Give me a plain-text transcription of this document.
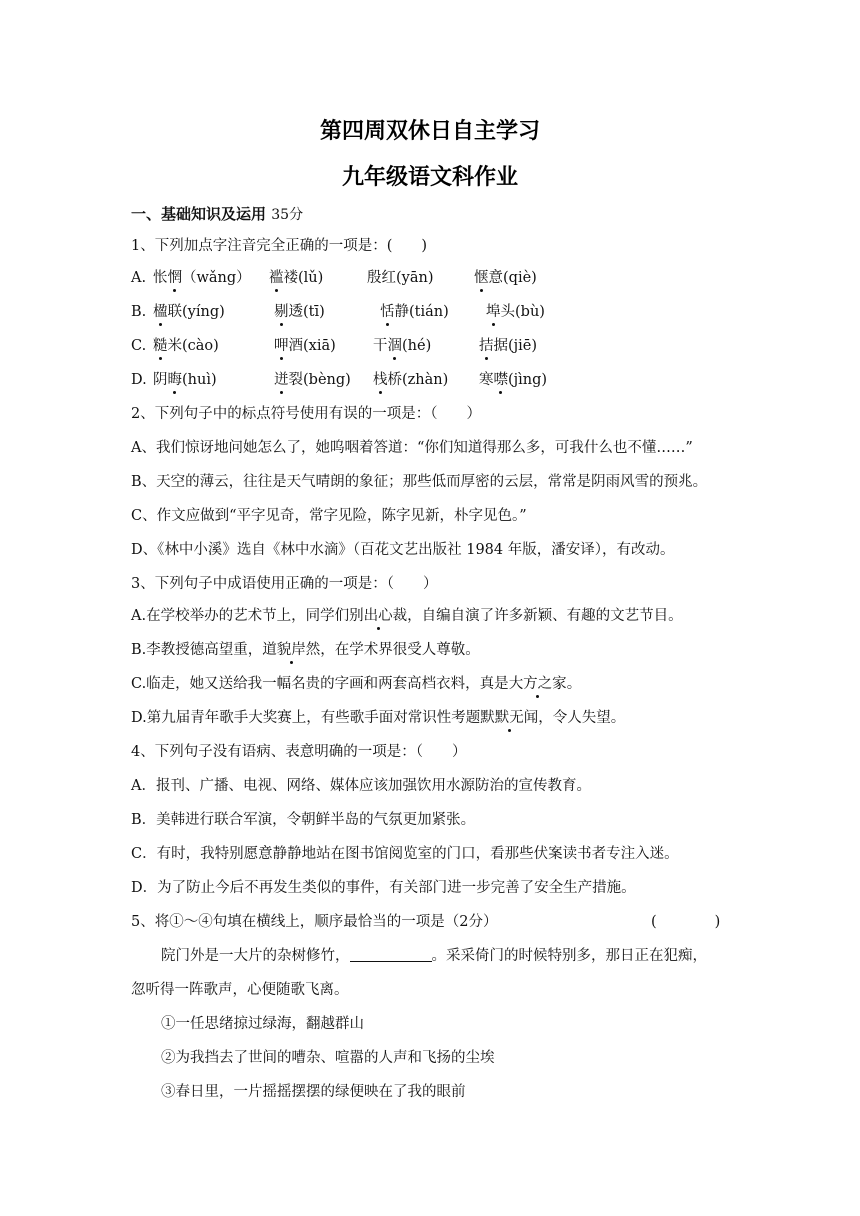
第四周双休日自主学习
九年级语文科作业
一、基础知识及运用 35分
1、下列加点字注音完全正确的一项是：(　　)
A. 怅惘（wǎng） 褴褛(lǔ)	殷红(yān)	惬意(qiè)
B. 楹联(yíng)	剔透(tī)	恬静(tián)	埠头(bù)
C. 糙米(cào)	呷酒(xiā)	干涸(hé)	拮据(jiē)
D. 阴晦(huì)	迸裂(bèng) 栈桥(zhàn) 寒噤(jìng)
2、下列句子中的标点符号使用有误的一项是：（　　）
A、我们惊讶地问她怎么了，她呜咽着答道：“你们知道得那么多，可我什么也不懂……”
B、天空的薄云，往往是天气晴朗的象征；那些低而厚密的云层，常常是阴雨风雪的预兆。
C、作文应做到“平字见奇，常字见险，陈字见新，朴字见色。”
D、《林中小溪》选自《林中水滴》（百花文艺出版社 1984 年版，潘安译），有改动。
3、下列句子中成语使用正确的一项是：（　　）
A.在学校举办的艺术节上，同学们别出心裁，自编自演了许多新颖、有趣的文艺节目。
B.李教授德高望重，道貌岸然，在学术界很受人尊敬。
C.临走，她又送给我一幅名贵的字画和两套高档衣料，真是大方之家。
D.第九届青年歌手大奖赛上，有些歌手面对常识性考题默默无闻，令人失望。
4、下列句子没有语病、表意明确的一项是：（　　）
A．报刊、广播、电视、网络、媒体应该加强饮用水源防治的宣传教育。
B．美韩进行联合军演，令朝鲜半岛的气氛更加紧张。
C．有时，我特别愿意静静地站在图书馆阅览室的门口，看那些伏案读书者专注入迷。
D．为了防止今后不再发生类似的事件，有关部门进一步完善了安全生产措施。
5、将①～④句填在横线上，顺序最恰当的一项是（2分）	(　　　　)
院门外是一大片的杂树修竹，	。采采倚门的时候特别多，那日正在犯痴，
忽听得一阵歌声，心便随歌飞离。
①一任思绪掠过绿海，翻越群山
②为我挡去了世间的嘈杂、喧嚣的人声和飞扬的尘埃
③春日里，一片摇摇摆摆的绿便映在了我的眼前
